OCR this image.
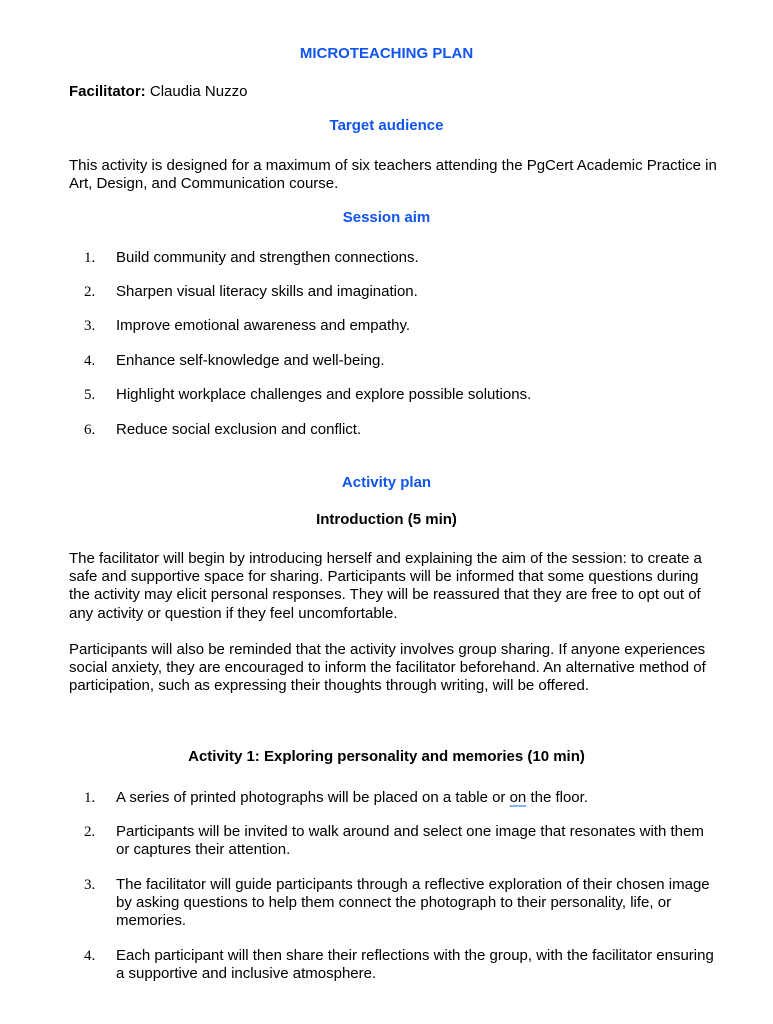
MICROTEACHING PLAN
Facilitator: Claudia Nuzzo
Target audience
This activity is designed for a maximum of six teachers attending the PgCert Academic Practice in Art, Design, and Communication course.
Session aim
1.	Build community and strengthen connections.
2.	Sharpen visual literacy skills and imagination.
3.	Improve emotional awareness and empathy.
4.	Enhance self-knowledge and well-being.
5.	Highlight workplace challenges and explore possible solutions.
6.	Reduce social exclusion and conflict.
Activity plan
Introduction (5 min)
The facilitator will begin by introducing herself and explaining the aim of the session: to create a safe and supportive space for sharing. Participants will be informed that some questions during the activity may elicit personal responses. They will be reassured that they are free to opt out of any activity or question if they feel uncomfortable.
Participants will also be reminded that the activity involves group sharing. If anyone experiences social anxiety, they are encouraged to inform the facilitator beforehand. An alternative method of participation, such as expressing their thoughts through writing, will be offered.
Activity 1: Exploring personality and memories (10 min)
1.	A series of printed photographs will be placed on a table or on the floor.
2.	Participants will be invited to walk around and select one image that resonates with them or captures their attention.
3.	The facilitator will guide participants through a reflective exploration of their chosen image by asking questions to help them connect the photograph to their personality, life, or memories.
4.	Each participant will then share their reflections with the group, with the facilitator ensuring a supportive and inclusive atmosphere.
